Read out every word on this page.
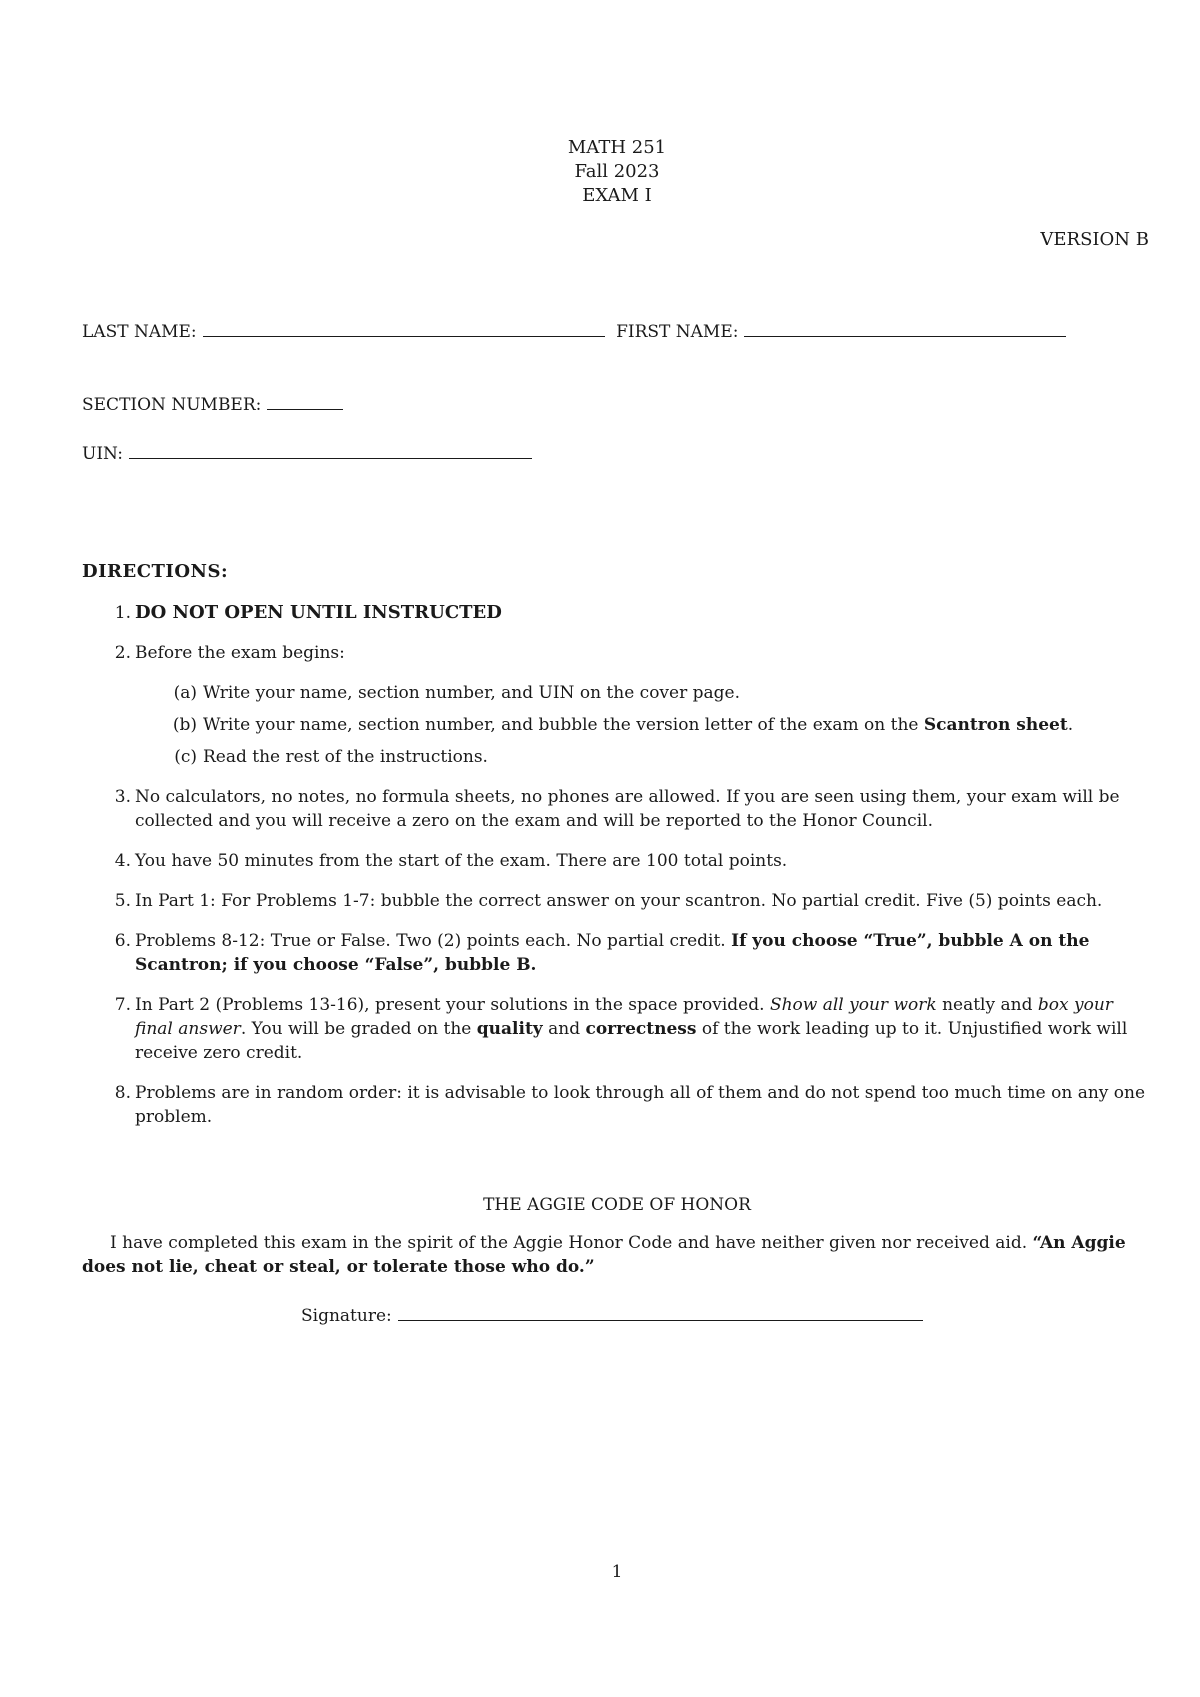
MATH 251
Fall 2023
EXAM I
VERSION B
LAST NAME:	FIRST NAME:
SECTION NUMBER:
UIN:
DIRECTIONS:
1. DO NOT OPEN UNTIL INSTRUCTED
2. Before the exam begins:
(a) Write your name, section number, and UIN on the cover page.
(b) Write your name, section number, and bubble the version letter of the exam on the Scantron sheet.
(c) Read the rest of the instructions.
3. No calculators, no notes, no formula sheets, no phones are allowed. If you are seen using them, your exam will be collected and you will receive a zero on the exam and will be reported to the Honor Council.
4. You have 50 minutes from the start of the exam. There are 100 total points.
5. In Part 1: For Problems 1-7: bubble the correct answer on your scantron. No partial credit. Five (5) points each.
6. Problems 8-12: True or False. Two (2) points each. No partial credit. If you choose “True”, bubble A on the Scantron; if you choose “False”, bubble B.
7. In Part 2 (Problems 13-16), present your solutions in the space provided. Show all your work neatly and box your final answer. You will be graded on the quality and correctness of the work leading up to it. Unjustified work will receive zero credit.
8. Problems are in random order: it is advisable to look through all of them and do not spend too much time on any one problem.
THE AGGIE CODE OF HONOR
I have completed this exam in the spirit of the Aggie Honor Code and have neither given nor received aid. “An Aggie does not lie, cheat or steal, or tolerate those who do.”
Signature:
1
